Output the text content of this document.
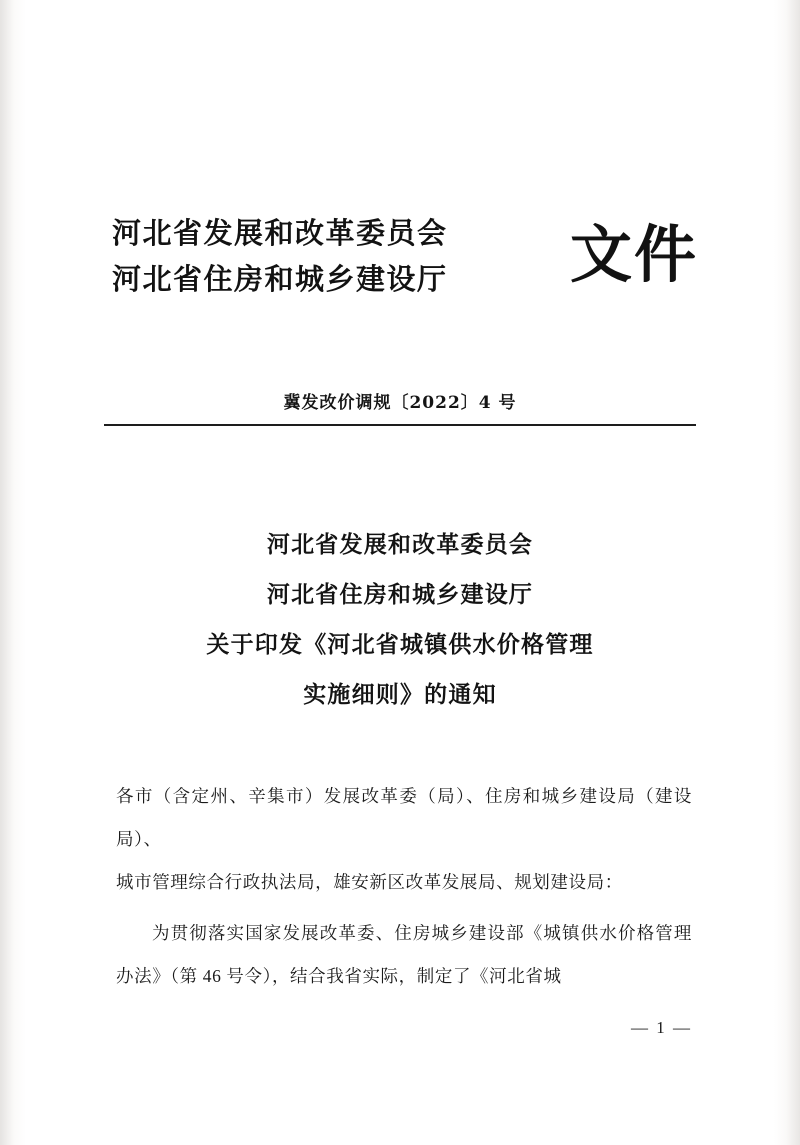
河北省发展和改革委员会
河北省住房和城乡建设厅	文件
冀发改价调规〔2022〕4 号
河北省发展和改革委员会
河北省住房和城乡建设厅
关于印发《河北省城镇供水价格管理
实施细则》的通知

各市（含定州、辛集市）发展改革委（局）、住房和城乡建设局（建设局）、

城市管理综合行政执法局，雄安新区改革发展局、规划建设局：

为贯彻落实国家发展改革委、住房城乡建设部《城镇供水价格管理办法》（第 46 号令），结合我省实际，制定了《河北省城

— 1 —
